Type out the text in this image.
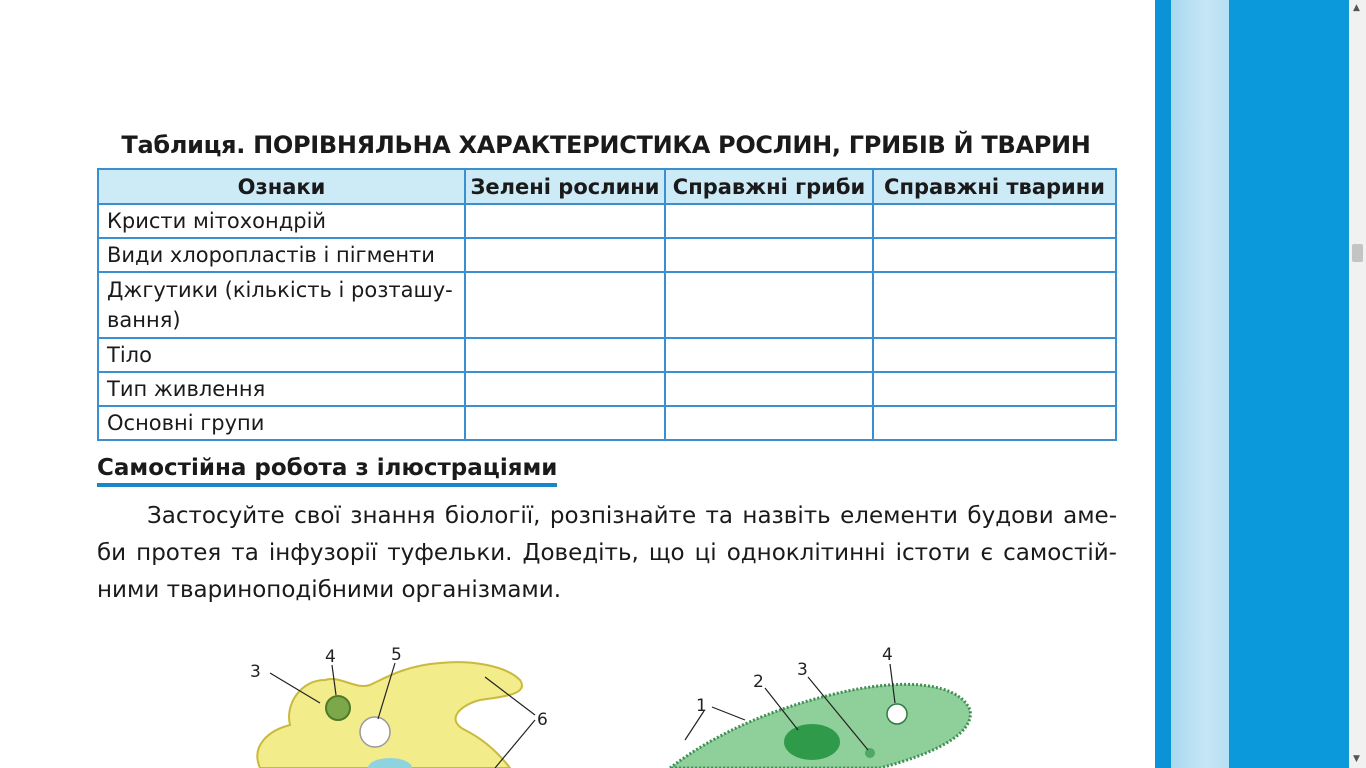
Таблиця. ПОРІВНЯЛЬНА ХАРАКТЕРИСТИКА РОСЛИН, ГРИБІВ Й ТВАРИН
Ознаки	Зелені рослини	Справжні гриби	Справжні тварини
Кристи мітохондрій			
Види хлоропластів і пігменти			
Джгутики (кількість і розташу-вання)			
Тіло			
Тип живлення			
Основні групи			
Самостійна робота з ілюстраціями
Застосуйте свої знання біології, розпізнайте та назвіть елементи будови аме-би протея та інфузорії туфельки. Доведіть, що ці одноклітинні істоти є самостій-ними тваринoподібними організмами.
3
4	5
6
1
2
3
4
▲
▼
